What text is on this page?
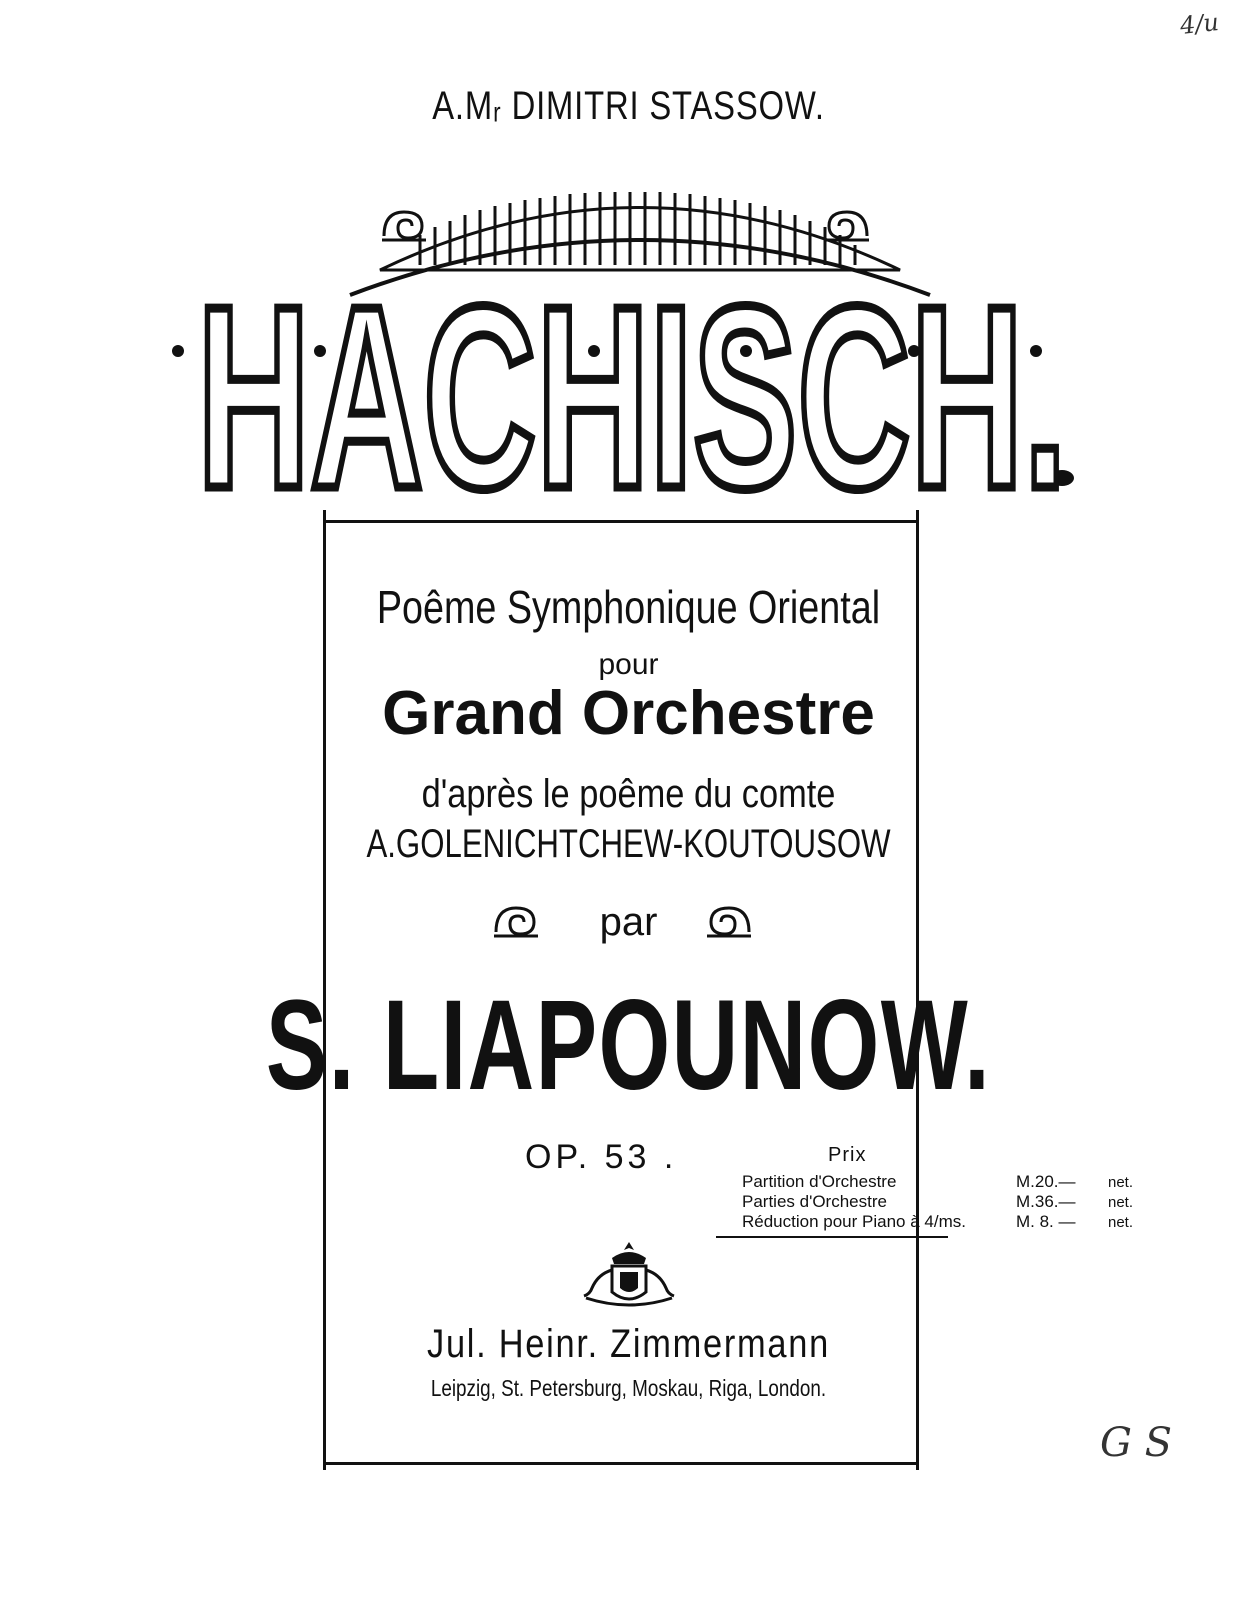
A.Mᵣ DIMITRI STASSOW.
HACHISCH.
Poême Symphonique Oriental
pour
Grand Orchestre
d'après le poême du comte
A.GOLENICHTCHEW-KOUTOUSOW
par
S. LIAPOUNOW.
OP. 53 .	Prix
Partition d'Orchestre	M.20.— net.
Parties d'Orchestre	M.36.— net.
Réduction pour Piano à 4/ms.	M. 8. — net.
Jul. Heinr. Zimmermann
Leipzig, St. Petersburg, Moskau, Riga, London.
4/и
G S
